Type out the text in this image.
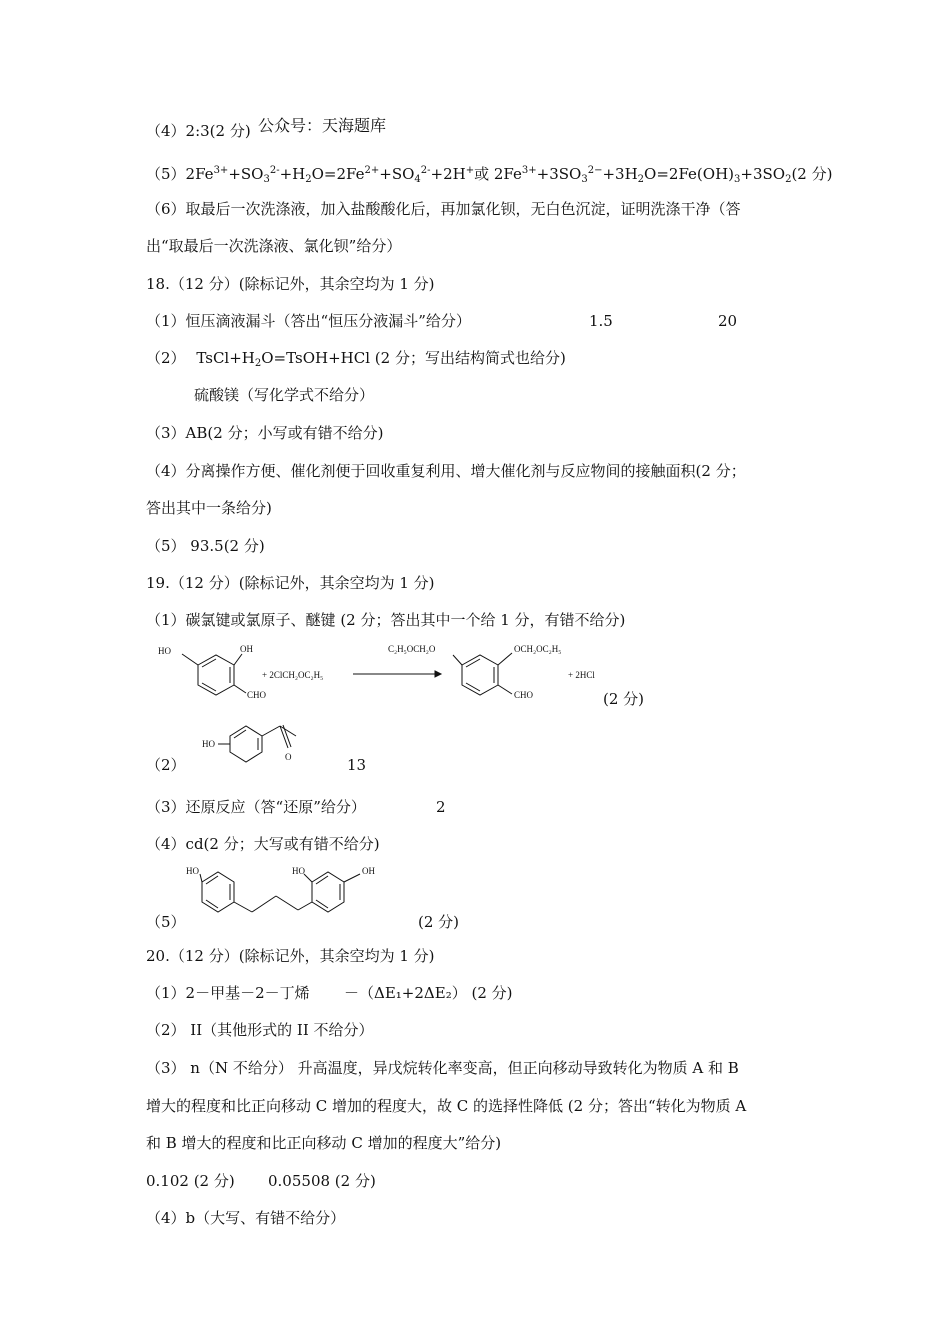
（4）2:3(2 分) 公众号：天海题库
$(5)2Fe^{3+}+SO_3^{2-}+H_2O=2Fe^{2+}+SO_4^{2-}+2H^+$或 $2Fe^{3+}+3SO_3^{2-}+3H_2O=2Fe(OH)_3+3SO_2(2$ 分)
（6）取最后一次洗涤液，加入盐酸酸化后，再加氯化钡，无白色沉淀，证明洗涤干净（答
出“取最后一次洗涤液、氯化钡”给分）
18.（12 分）(除标记外，其余空均为 1 分)
（1）恒压滴液漏斗（答出“恒压分液漏斗”给分）	1.5	20
（2） $TsCl+H_2O=TsOH+HCl$ (2 分；写出结构简式也给分)
硫酸镁（写化学式不给分）
（3）AB(2 分；小写或有错不给分)
（4）分离操作方便、催化剂便于回收重复利用、增大催化剂与反应物间的接触面积(2 分；
答出其中一条给分)
（5） 93.5(2 分)
19.（12 分）(除标记外，其余空均为 1 分)
（1）碳氯键或氯原子、醚键 (2 分；答出其中一个给 1 分，有错不给分)
HO	OH
CHO
+ 2ClCH₂OC₂H₅
C₂H₅OCH₂O	OCH₂OC₂H₅
CHO
+ 2HCl
(2 分)
（2）
HO
O	13
（3）还原反应（答“还原”给分）	2
（4）cd(2 分；大写或有错不给分)
（5）
HO	HO	OH
(2 分)
20.（12 分）(除标记外，其余空均为 1 分)
（1）2－甲基－2－丁烯 －（ΔE₁+2ΔE₂） (2 分)
（2） II（其他形式的 II 不给分）
（3） n（N 不给分） 升高温度，异戊烷转化率变高，但正向移动导致转化为物质 A 和 B
增大的程度和比正向移动 C 增加的程度大，故 C 的选择性降低 (2 分；答出“转化为物质 A
和 B 增大的程度和比正向移动 C 增加的程度大”给分)
0.102 (2 分) 0.05508 (2 分)
（4）b（大写、有错不给分）
